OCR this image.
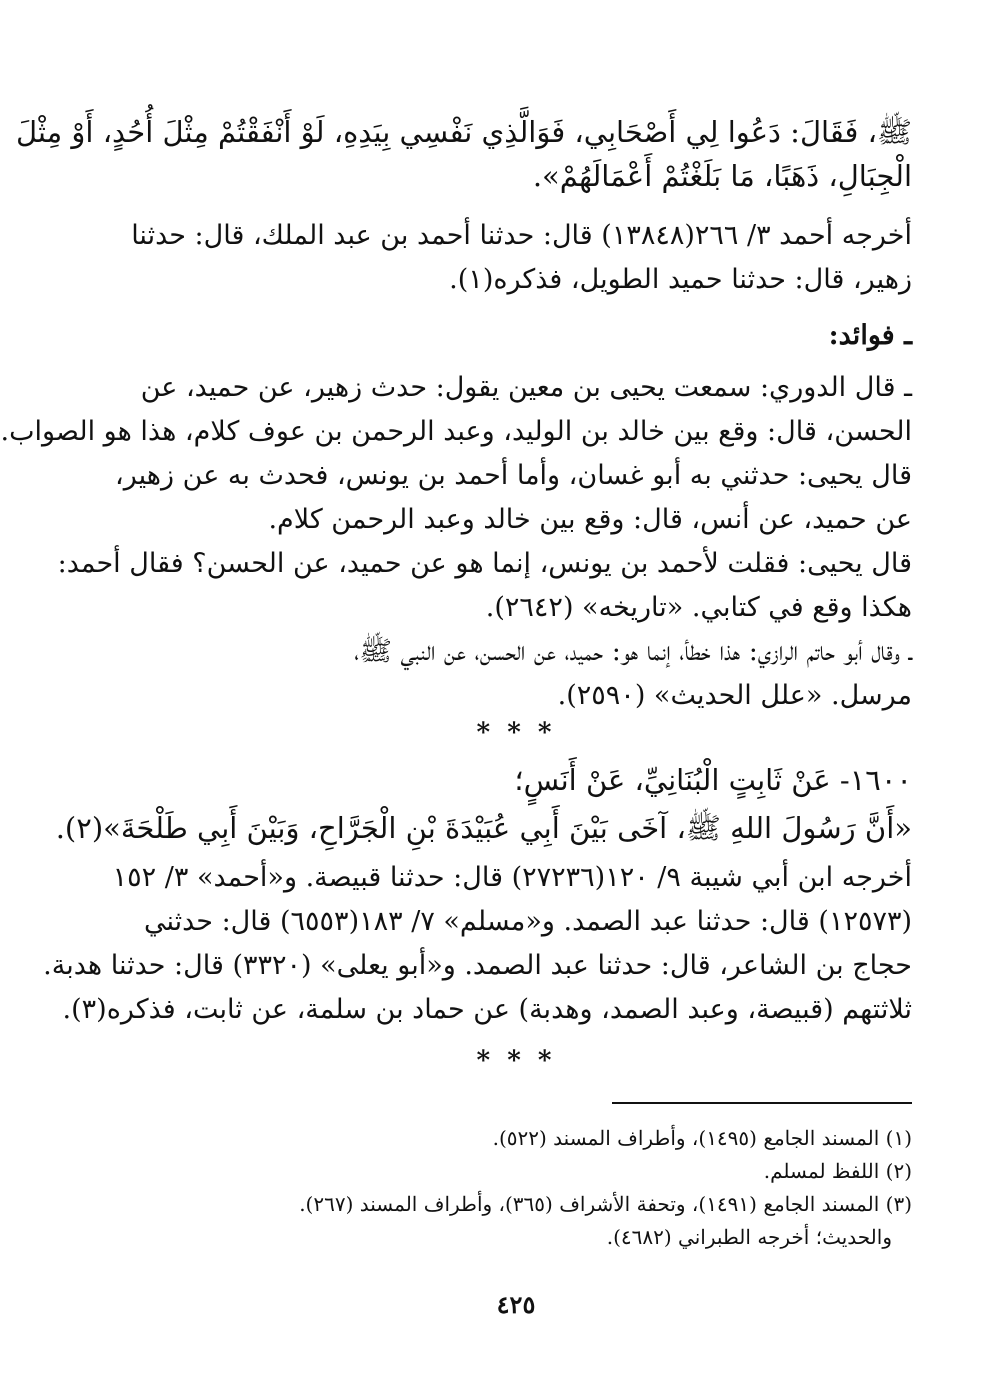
ﷺ، فَقَالَ: دَعُوا لِي أَصْحَابِي، فَوَالَّذِي نَفْسِي بِيَدِهِ، لَوْ أَنْفَقْتُمْ مِثْلَ أُحُدٍ، أَوْ مِثْلَ
الْجِبَالِ، ذَهَبًا، مَا بَلَغْتُمْ أَعْمَالَهُمْ».
أخرجه أحمد ٣/ ٢٦٦(١٣٨٤٨) قال: حدثنا أحمد بن عبد الملك، قال: حدثنا
زهير، قال: حدثنا حميد الطويل، فذكره(١).
ـ فوائد:
ـ قال الدوري: سمعت يحيى بن معين يقول: حدث زهير، عن حميد، عن
الحسن، قال: وقع بين خالد بن الوليد، وعبد الرحمن بن عوف كلام، هذا هو الصواب.
قال يحيى: حدثني به أبو غسان، وأما أحمد بن يونس، فحدث به عن زهير،
عن حميد، عن أنس، قال: وقع بين خالد وعبد الرحمن كلام.
قال يحيى: فقلت لأحمد بن يونس، إنما هو عن حميد، عن الحسن؟ فقال أحمد:
هكذا وقع في كتابي. «تاريخه» (٢٦٤٢).
ـ وقال أبو حاتم الرازي: هذا خطأ، إنما هو: حميد، عن الحسن، عن النبي ﷺ،
مرسل. «علل الحديث» (٢٥٩٠).
* * *
١٦٠٠- عَنْ ثَابِتٍ الْبُنَانِيِّ، عَنْ أَنَسٍ؛
«أَنَّ رَسُولَ اللهِ ﷺ، آخَى بَيْنَ أَبِي عُبَيْدَةَ بْنِ الْجَرَّاحِ، وَبَيْنَ أَبِي طَلْحَةَ»(٢).
أخرجه ابن أبي شيبة ٩/ ١٢٠(٢٧٢٣٦) قال: حدثنا قبيصة. و«أحمد» ٣/ ١٥٢
(١٢٥٧٣) قال: حدثنا عبد الصمد. و«مسلم» ٧/ ١٨٣(٦٥٥٣) قال: حدثني
حجاج بن الشاعر، قال: حدثنا عبد الصمد. و«أبو يعلى» (٣٣٢٠) قال: حدثنا هدبة.
ثلاثتهم (قبيصة، وعبد الصمد، وهدبة) عن حماد بن سلمة، عن ثابت، فذكره(٣).
* * *
(١) المسند الجامع (١٤٩٥)، وأطراف المسند (٥٢٢).
(٢) اللفظ لمسلم.
(٣) المسند الجامع (١٤٩١)، وتحفة الأشراف (٣٦٥)، وأطراف المسند (٢٦٧).
والحديث؛ أخرجه الطبراني (٤٦٨٢).
٤٢٥
